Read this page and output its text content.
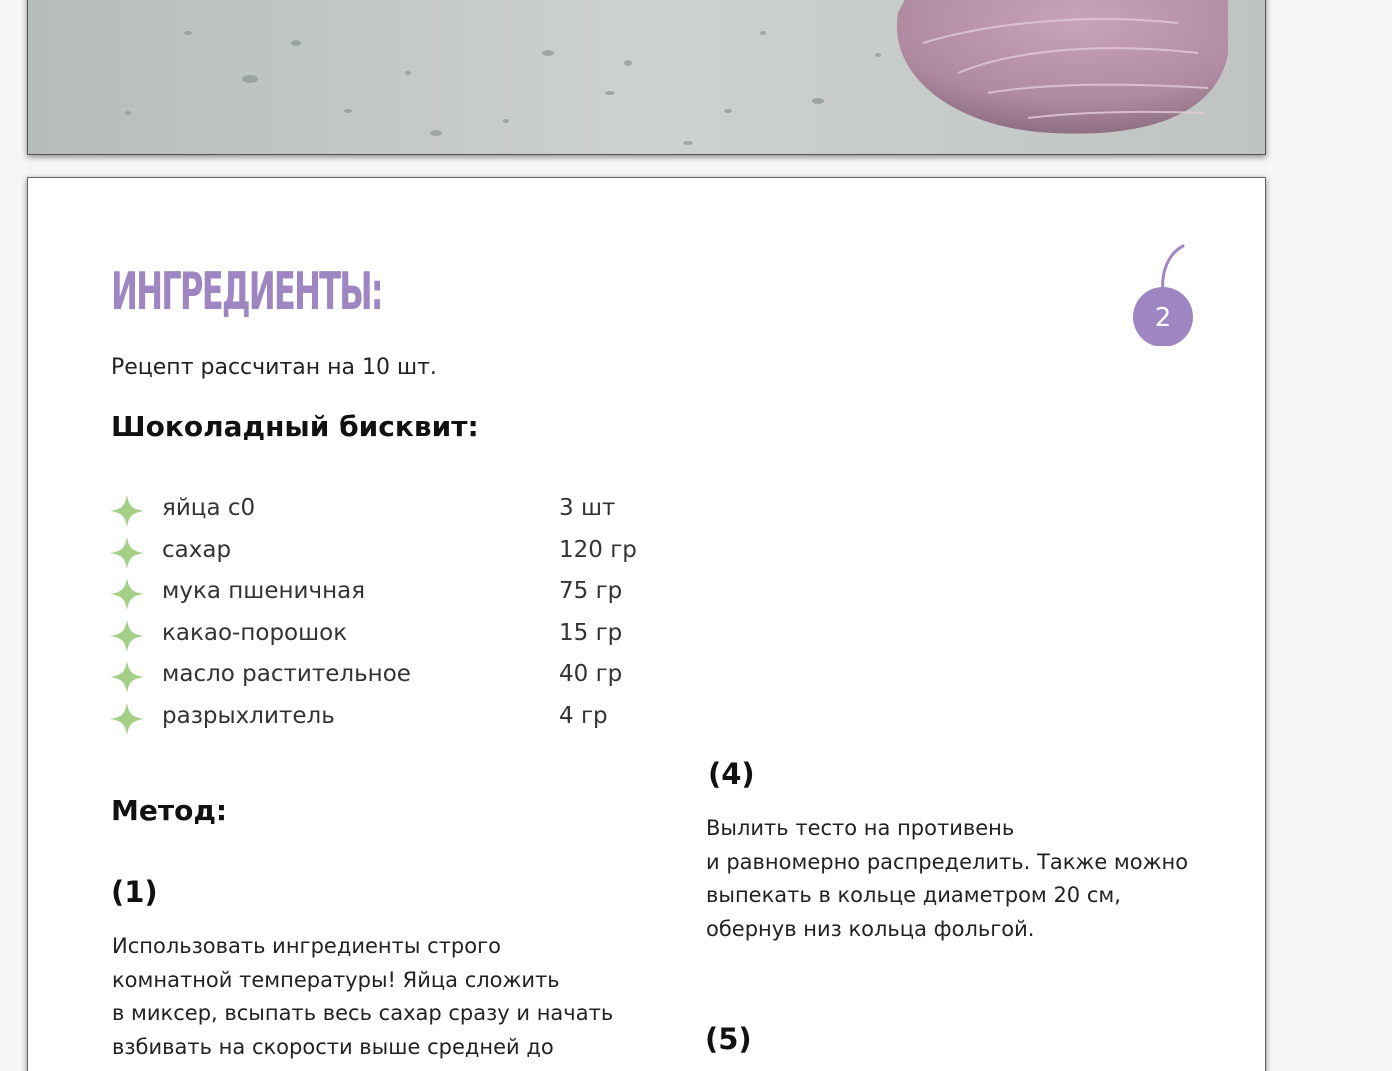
ИНГРЕДИЕНТЫ:	2
Рецепт рассчитан на 10 шт.
Шоколадный бисквит:
яйца с0	3 шт
сахар	120 гр
мука пшеничная	75 гр
какао-порошок	15 гр
масло растительное	40 гр
разрыхлитель	4 гр
Метод:
(1)
Использовать ингредиенты строго
комнатной температуры! Яйца сложить
в миксер, всыпать весь сахар сразу и начать
взбивать на скорости выше средней до
(4)
Вылить тесто на противень
и равномерно распределить. Также можно
выпекать в кольце диаметром 20 см,
обернув низ кольца фольгой.
(5)
